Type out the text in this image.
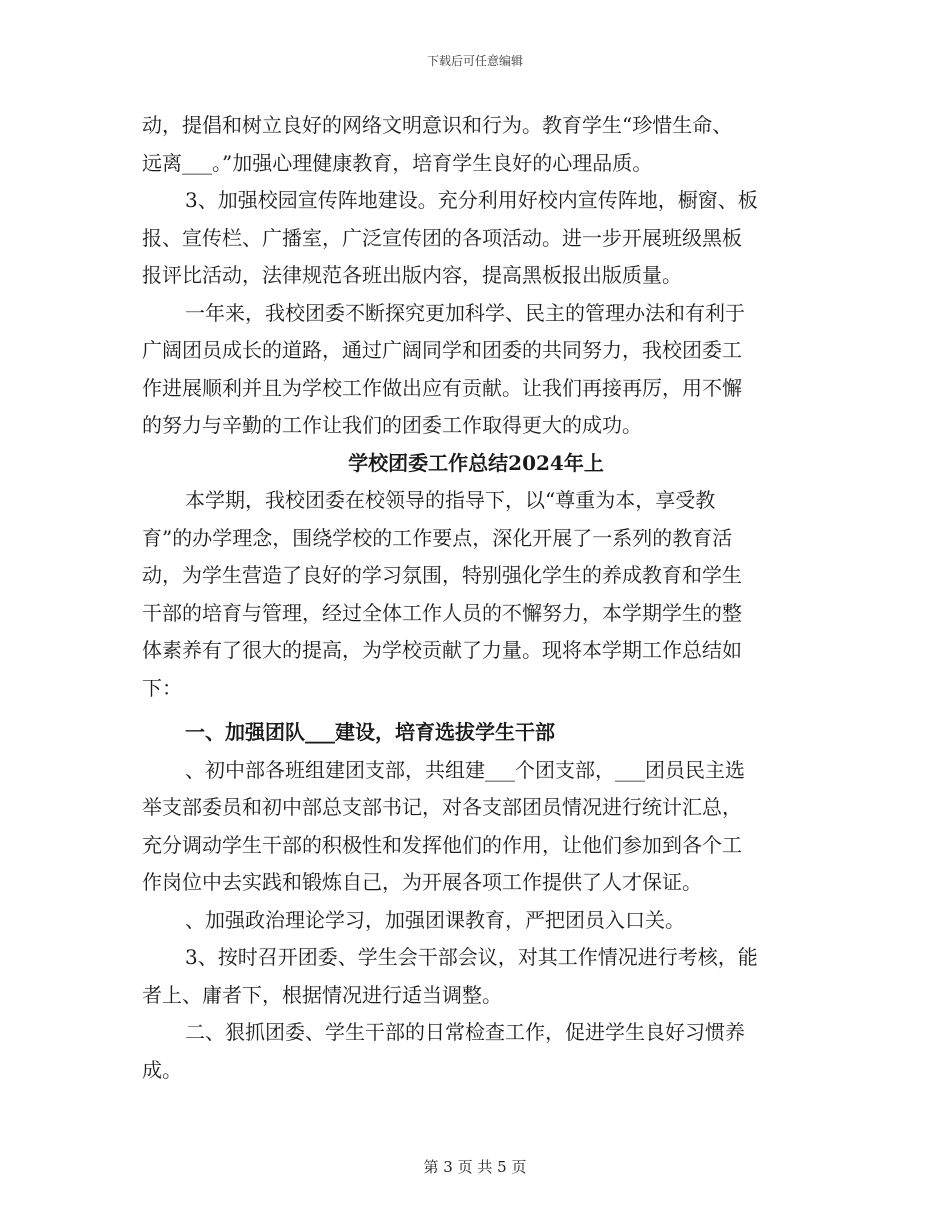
下载后可任意编辑
动，提倡和树立良好的网络文明意识和行为。教育学生“珍惜生命、
远离___。”加强心理健康教育，培育学生良好的心理品质。
3、加强校园宣传阵地建设。充分利用好校内宣传阵地，橱窗、板
报、宣传栏、广播室，广泛宣传团的各项活动。进一步开展班级黑板
报评比活动，法律规范各班出版内容，提高黑板报出版质量。
一年来，我校团委不断探究更加科学、民主的管理办法和有利于
广阔团员成长的道路，通过广阔同学和团委的共同努力，我校团委工
作进展顺利并且为学校工作做出应有贡献。让我们再接再厉，用不懈
的努力与辛勤的工作让我们的团委工作取得更大的成功。
学校团委工作总结2024年上
本学期，我校团委在校领导的指导下，以“尊重为本，享受教
育”的办学理念，围绕学校的工作要点，深化开展了一系列的教育活
动，为学生营造了良好的学习氛围，特别强化学生的养成教育和学生
干部的培育与管理，经过全体工作人员的不懈努力，本学期学生的整
体素养有了很大的提高，为学校贡献了力量。现将本学期工作总结如
下：
一、加强团队___建设，培育选拔学生干部
、初中部各班组建团支部，共组建___个团支部，___团员民主选
举支部委员和初中部总支部书记，对各支部团员情况进行统计汇总，
充分调动学生干部的积极性和发挥他们的作用，让他们参加到各个工
作岗位中去实践和锻炼自己，为开展各项工作提供了人才保证。
、加强政治理论学习，加强团课教育，严把团员入口关。
3、按时召开团委、学生会干部会议，对其工作情况进行考核，能
者上、庸者下，根据情况进行适当调整。
二、狠抓团委、学生干部的日常检查工作，促进学生良好习惯养
成。
第 3 页 共 5 页
